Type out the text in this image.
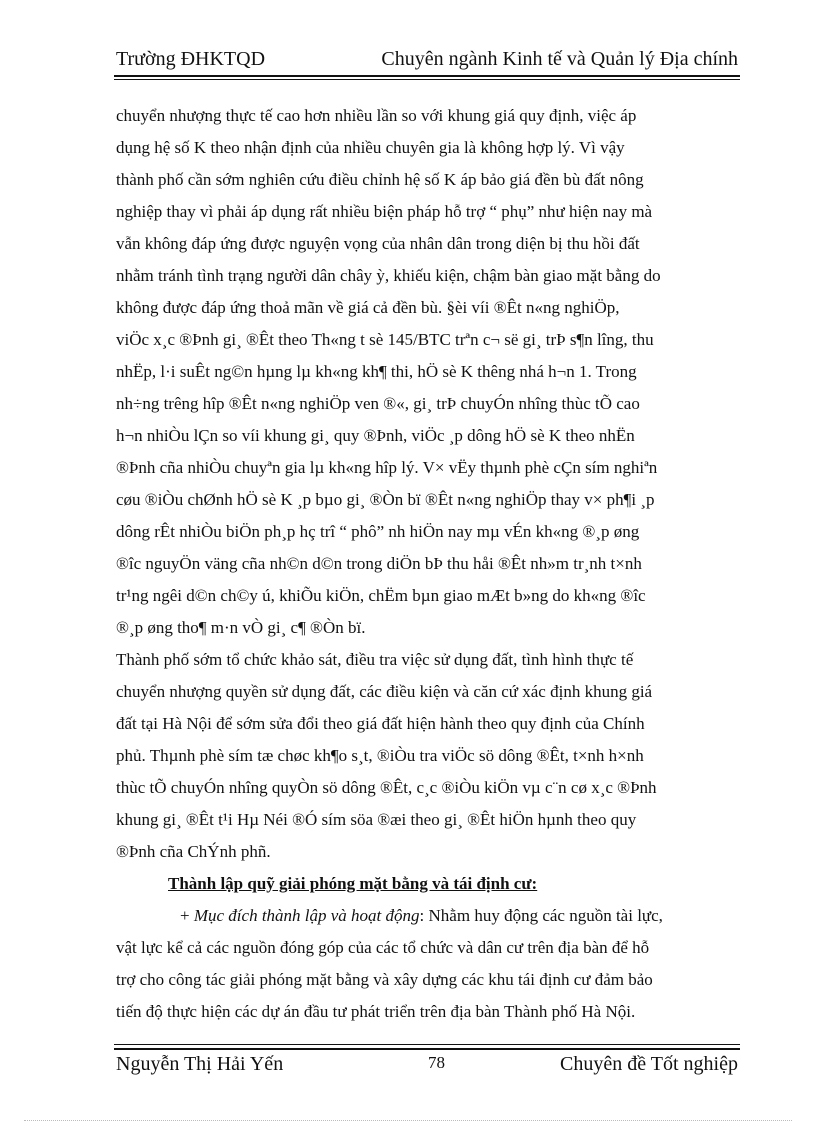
Trường ĐHKTQD	Chuyên ngành Kinh tế và Quản lý Địa chính

chuyển nhượng thực tế cao hơn nhiều lần so với khung giá quy định, việc áp
dụng hệ số K theo nhận định của nhiều chuyên gia là không hợp lý. Vì vậy
thành phố cần sớm nghiên cứu điều chỉnh hệ số K áp bảo giá đền bù đất nông
nghiệp thay vì phải áp dụng rất nhiều biện pháp hỗ trợ “ phụ” như hiện nay mà
vẫn không đáp ứng được nguyện vọng của nhân dân trong diện bị thu hồi đất
nhằm tránh tình trạng người dân chây ỳ, khiếu kiện, chậm bàn giao mặt bằng do
không được đáp ứng thoả mãn về giá cả đền bù. §èi víi ®Êt n«ng nghiÖp,
viÖc x¸c ®Þnh gi¸ ®Êt theo Th«ng t sè 145/BTC trªn c¬ së gi¸ trÞ s¶n lîng, thu
nhËp, l·i suÊt ng©n hµng lµ kh«ng kh¶ thi, hÖ sè K thêng nhá h¬n 1. Trong
nh÷ng trêng hîp ®Êt n«ng nghiÖp ven ®«, gi¸ trÞ chuyÓn nhîng thùc tÕ cao
h¬n nhiÒu lÇn so víi khung gi¸ quy ®Þnh, viÖc ¸p dông hÖ sè K theo nhËn
®Þnh cña nhiÒu chuyªn gia lµ kh«ng hîp lý. V× vËy thµnh phè cÇn sím nghiªn
cøu ®iÒu chØnh hÖ sè K ¸p bµo gi¸ ®Òn bï ®Êt n«ng nghiÖp thay v× ph¶i ¸p
dông rÊt nhiÒu biÖn ph¸p hç trî “ phô” nh hiÖn nay mµ vÉn kh«ng ®¸p øng
®îc nguyÖn väng cña nh©n d©n trong diÖn bÞ thu håi ®Êt nh»m tr¸nh t×nh
tr¹ng ngêi d©n ch©y ú, khiÕu kiÖn, chËm bµn giao mÆt b»ng do kh«ng ®îc
®¸p øng tho¶ m·n vÒ gi¸ c¶ ®Òn bï.

Thành phố sớm tổ chức khảo sát, điều tra việc sử dụng đất, tình hình thực tế
chuyển nhượng quyền sử dụng đất, các điều kiện và căn cứ xác định khung giá
đất tại Hà Nội để sớm sửa đổi theo giá đất hiện hành theo quy định của Chính
phủ. Thµnh phè sím tæ chøc kh¶o s¸t, ®iÒu tra viÖc sö dông ®Êt, t×nh h×nh
thùc tÕ chuyÓn nhîng quyÒn sö dông ®Êt, c¸c ®iÒu kiÖn vµ c¨n cø x¸c ®Þnh
khung gi¸ ®Êt t¹i Hµ Néi ®Ó sím söa ®æi theo gi¸ ®Êt hiÖn hµnh theo quy
®Þnh cña ChÝnh phñ.

Thành lập quỹ giải phóng mặt bằng và tái định cư:

+ Mục đích thành lập và hoạt động: Nhằm huy động các nguồn tài lực,
vật lực kể cả các nguồn đóng góp của các tổ chức và dân cư trên địa bàn để hỗ
trợ cho công tác giải phóng mặt bằng và xây dựng các khu tái định cư đảm bảo
tiến độ thực hiện các dự án đầu tư phát triển trên địa bàn Thành phố Hà Nội.

Nguyễn Thị Hải Yến	78	Chuyên đề Tốt nghiệp
